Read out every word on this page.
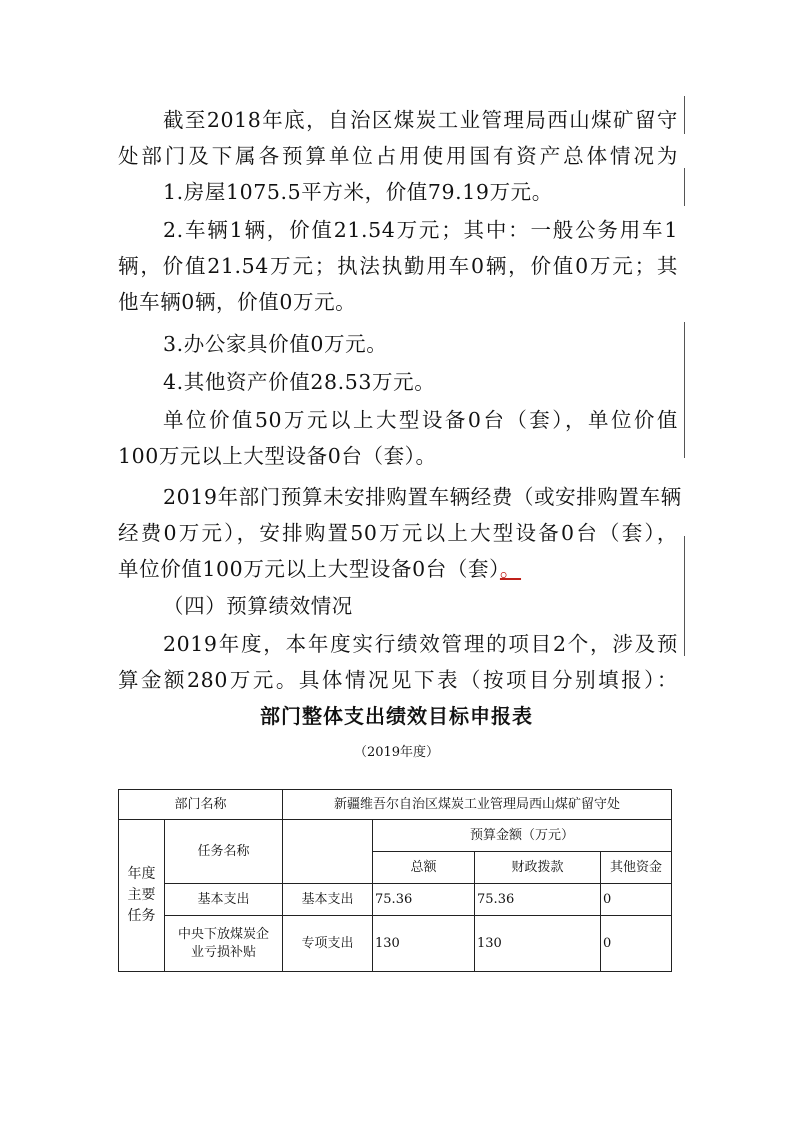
截至2018年底，自治区煤炭工业管理局西山煤矿留守
处部门及下属各预算单位占用使用国有资产总体情况为
1.房屋1075.5平方米，价值79.19万元。
2.车辆1辆，价值21.54万元；其中：一般公务用车1
辆，价值21.54万元；执法执勤用车0辆，价值0万元；其
他车辆0辆，价值0万元。
3.办公家具价值0万元。
4.其他资产价值28.53万元。
单位价值50万元以上大型设备0台（套），单位价值
100万元以上大型设备0台（套）。
2019年部门预算未安排购置车辆经费（或安排购置车辆
经费0万元），安排购置50万元以上大型设备0台（套），
单位价值100万元以上大型设备0台（套）。
（四）预算绩效情况
2019年度，本年度实行绩效管理的项目2个，涉及预
算金额280万元。具体情况见下表（按项目分别填报）：
部门整体支出绩效目标申报表
（2019年度）
部门名称		新疆维吾尔自治区煤炭工业管理局西山煤矿留守处			
年度主要任务	任务名称		预算金额（万元）		
			总额	财政拨款	其他资金
	基本支出	基本支出	75.36	75.36	0
	中央下放煤炭企业亏损补贴	专项支出	130	130	0
